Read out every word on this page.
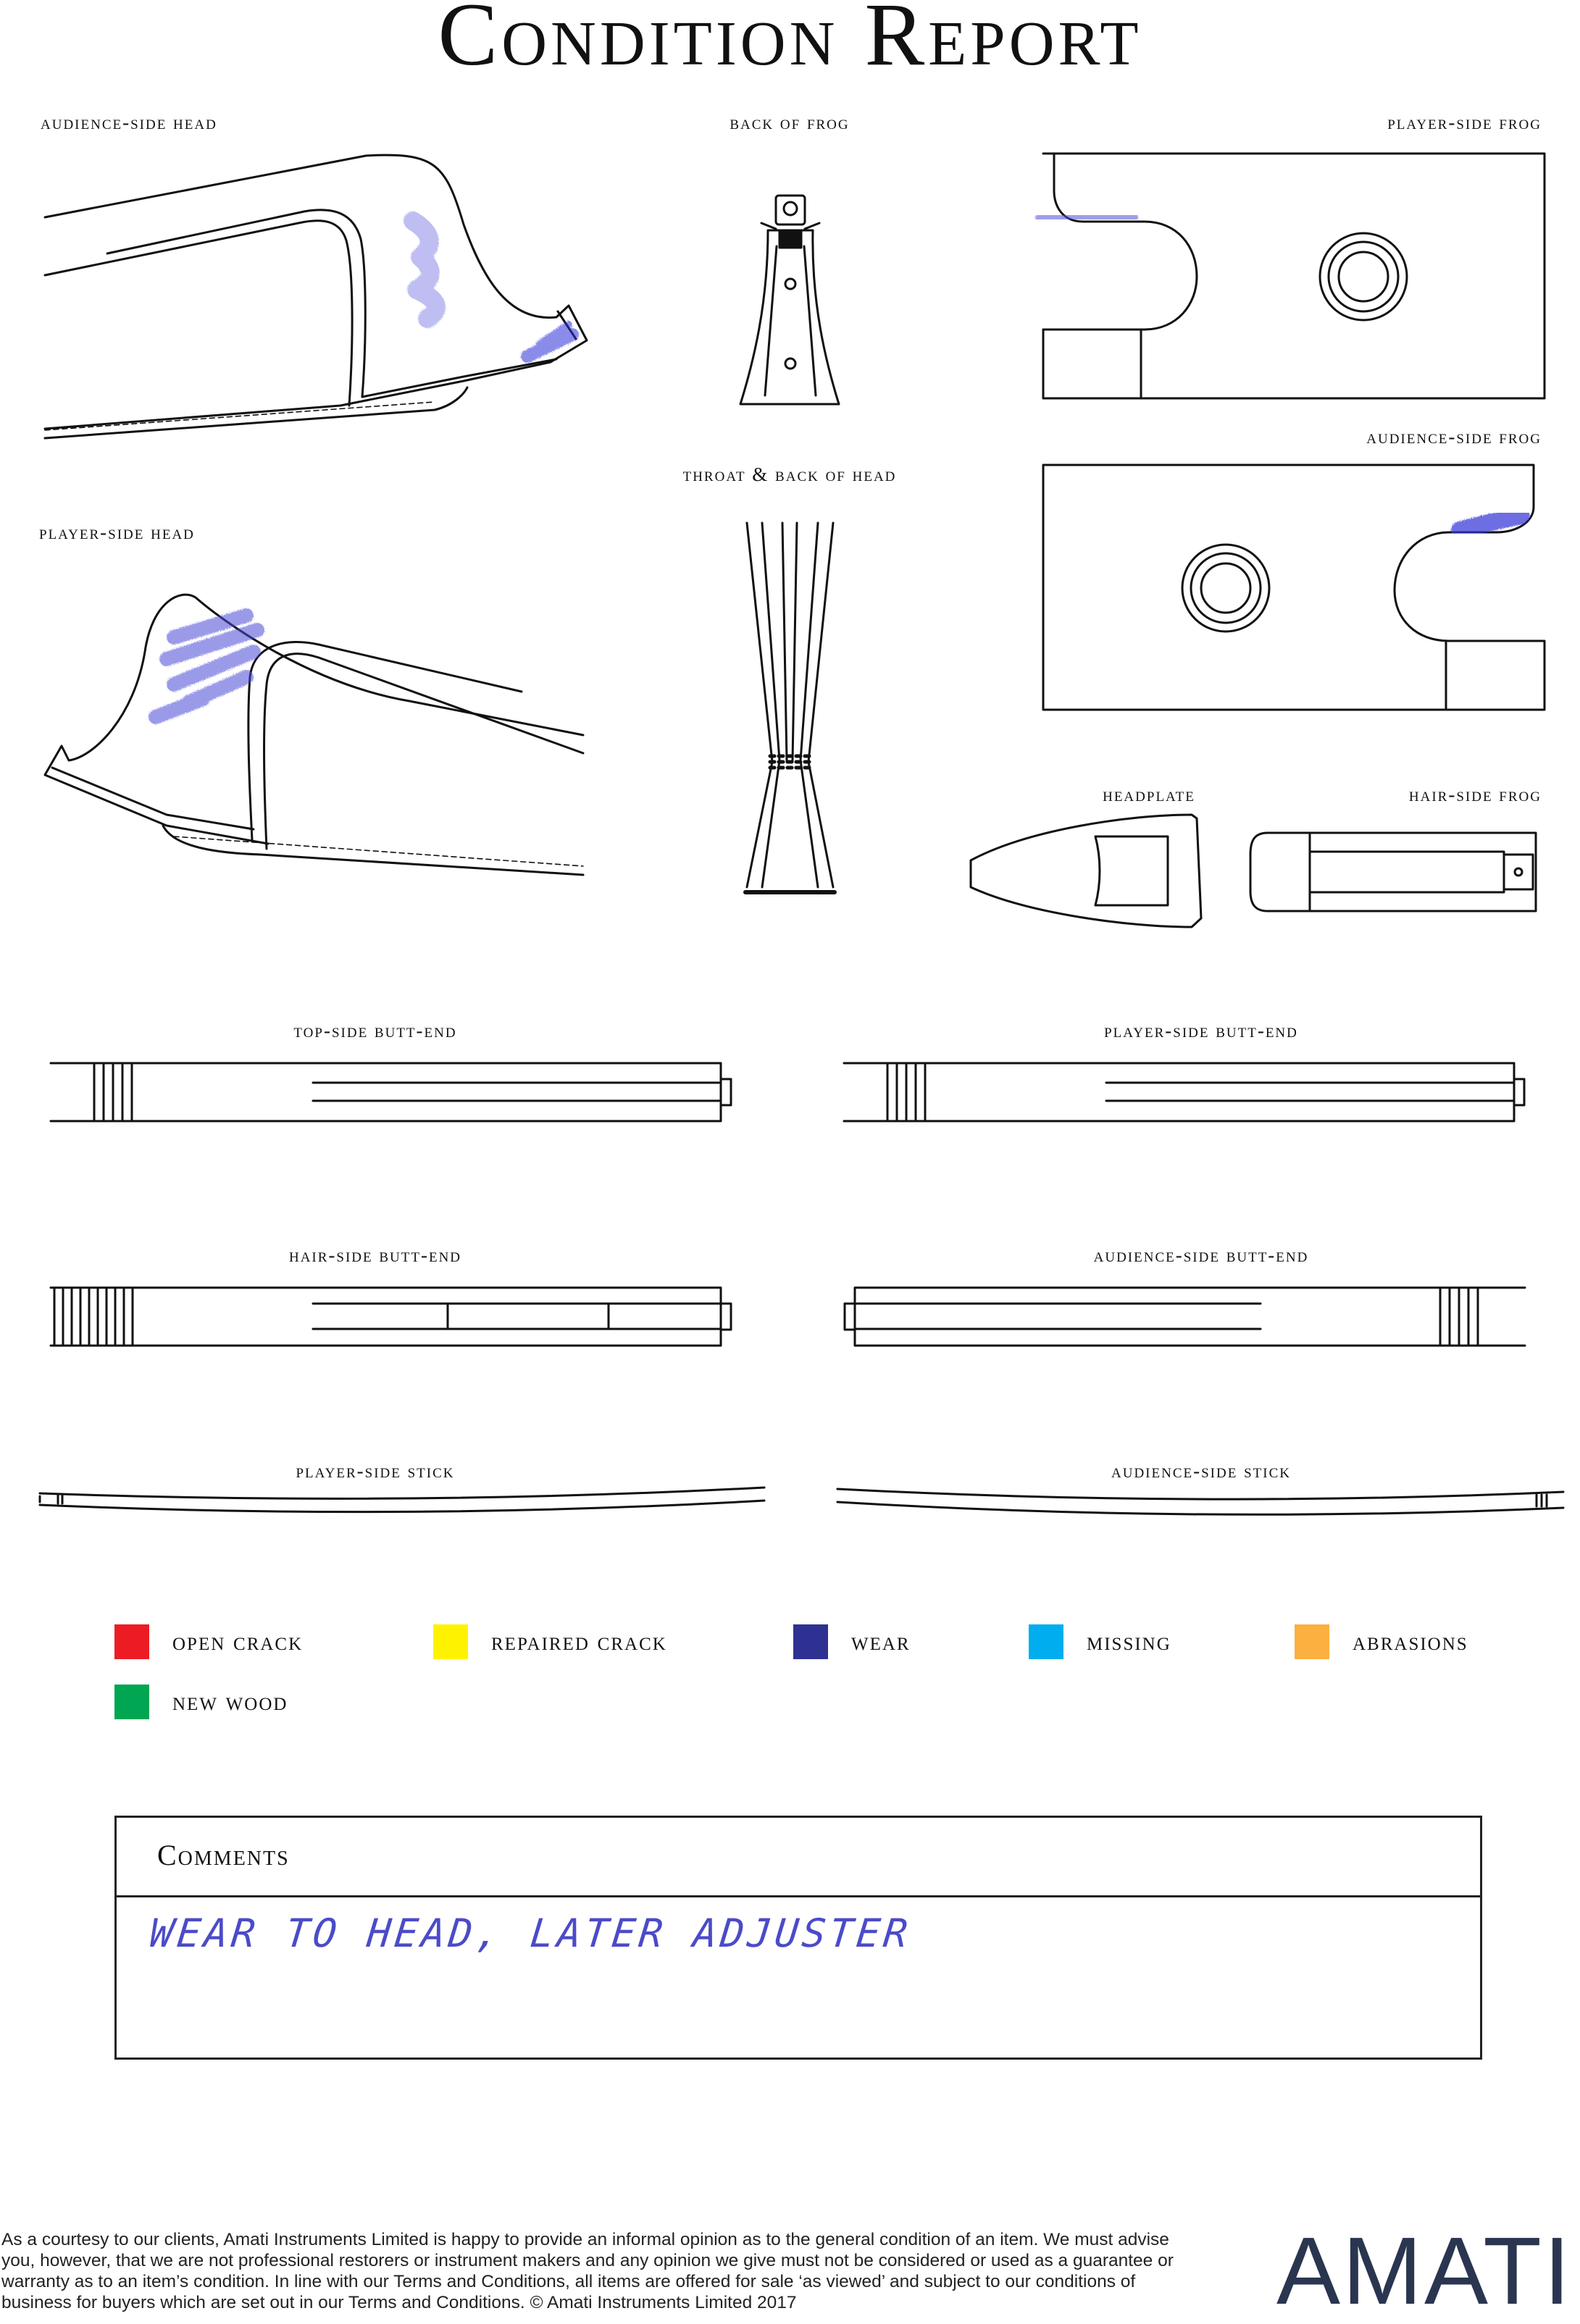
Condition Report
audience-side head	back of frog	player-side frog
audience-side frog
throat & back of head
player-side head
headplate	hair-side frog
top-side butt-end	player-side butt-end
hair-side butt-end	audience-side butt-end
player-side stick	audience-side stick
open crack	repaired crack	wear	missing	abrasions
new wood
Comments
WEAR TO HEAD, LATER ADJUSTER
As a courtesy to our clients, Amati Instruments Limited is happy to provide an informal opinion as to the general condition of an item. We must advise you, however, that we are not professional restorers or instrument makers and any opinion we give must not be considered or used as a guarantee or warranty as to an item’s condition. In line with our Terms and Conditions, all items are offered for sale ‘as viewed’ and subject to our conditions of business for buyers which are set out in our Terms and Conditions. © Amati Instruments Limited 2017	AMATI
